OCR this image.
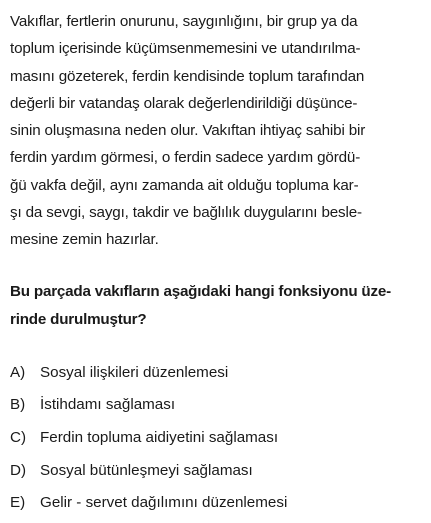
Vakıflar, fertlerin onurunu, saygınlığını, bir grup ya da
toplum içerisinde küçümsenmemesini ve utandırılma-
masını gözeterek, ferdin kendisinde toplum tarafından
değerli bir vatandaş olarak değerlendirildiği düşünce-
sinin oluşmasına neden olur. Vakıftan ihtiyaç sahibi bir
ferdin yardım görmesi, o ferdin sadece yardım gördü-
ğü vakfa değil, aynı zamanda ait olduğu topluma kar-
şı da sevgi, saygı, takdir ve bağlılık duygularını besle-
mesine zemin hazırlar.
Bu parçada vakıfların aşağıdaki hangi fonksiyonu üze-
rinde durulmuştur?
A) Sosyal ilişkileri düzenlemesi
B) İstihdamı sağlaması
C) Ferdin topluma aidiyetini sağlaması
D) Sosyal bütünleşmeyi sağlaması
E) Gelir - servet dağılımını düzenlemesi
